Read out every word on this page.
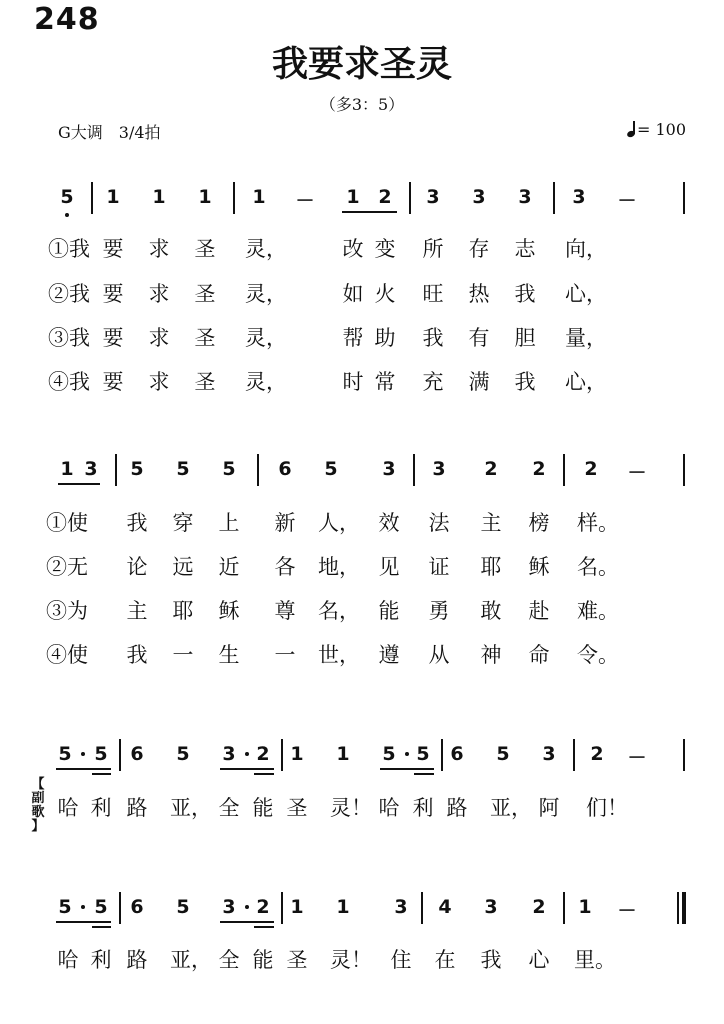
248
我要求圣灵
（多3：5）
G大调　3/4拍	= 100
5 1 1 1 1 － 1 2 3 3 3 3 －
①我 要 求 圣 灵，	改 变 所 存 志 向，
②我 要 求 圣 灵，	如 火 旺 热 我 心，
③我 要 求 圣 灵，	帮 助 我 有 胆 量，
④我 要 求 圣 灵，	时 常 充 满 我 心，
1 3 5 5 5 6 5 3 3 2 2 2 －
①使 我 穿 上 新 人， 效 法 主 榜 样。
②无 论 远 近 各 地， 见 证 耶 稣 名。
③为 主 耶 稣 尊 名， 能 勇 敢 赴 难。
④使 我 一 生 一 世， 遵 从 神 命 令。
5 5 6 5 3 2 1 1 5 5 6 5 3 2 －
【
副
歌
】
哈 利 路 亚， 全 能 圣 灵！ 哈 利 路 亚， 阿 们！
5 5 6 5 3 2 1 1 3 4 3 2 1 －
哈 利 路 亚， 全 能 圣 灵！ 住 在 我 心 里。
